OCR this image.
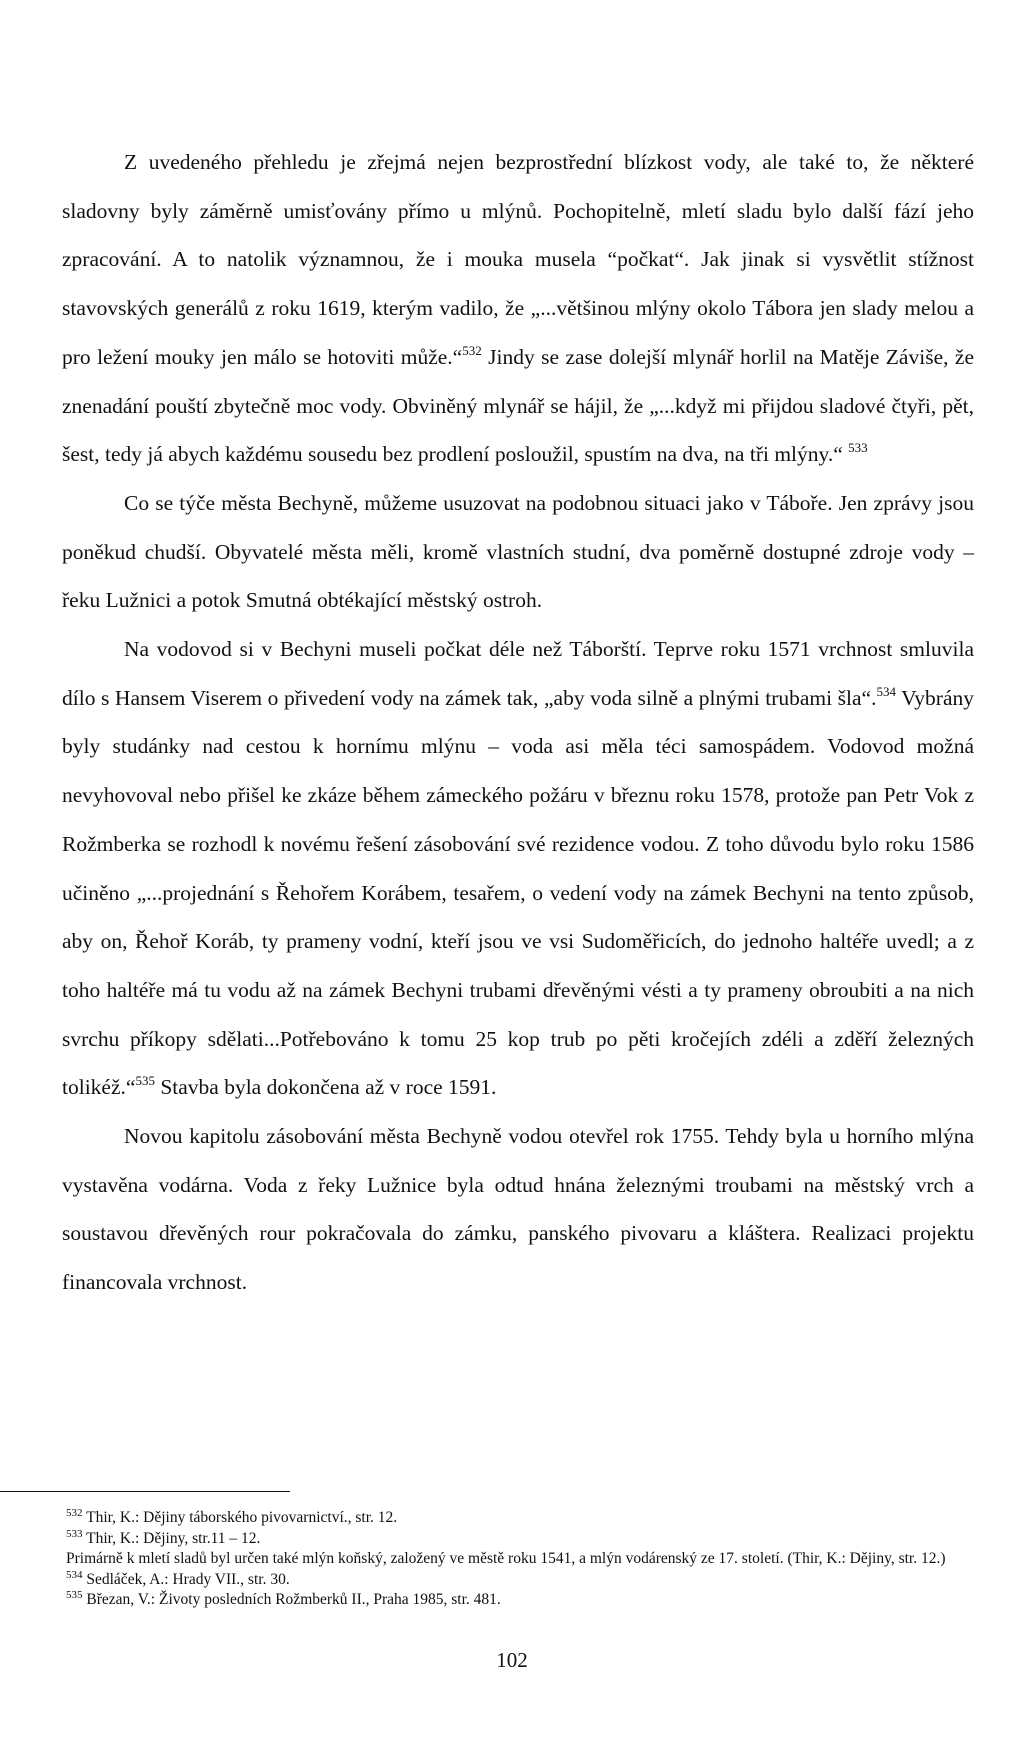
Z uvedeného přehledu je zřejmá nejen bezprostřední blízkost vody, ale také to, že některé sladovny byly záměrně umisťovány přímo u mlýnů. Pochopitelně, mletí sladu bylo další fází jeho zpracování. A to natolik významnou, že i mouka musela “počkat“. Jak jinak si vysvětlit stížnost stavovských generálů z roku 1619, kterým vadilo, že „...většinou mlýny okolo Tábora jen slady melou a pro ležení mouky jen málo se hotoviti může.“$^{532}$ Jindy se zase dolejší mlynář horlil na Matěje Záviše, že znenadání pouští zbytečně moc vody. Obviněný mlynář se hájil, že „...když mi přijdou sladové čtyři, pět, šest, tedy já abych každému sousedu bez prodlení posloužil, spustím na dva, na tři mlýny.“ $^{533}$

Co se týče města Bechyně, můžeme usuzovat na podobnou situaci jako v Táboře. Jen zprávy jsou poněkud chudší. Obyvatelé města měli, kromě vlastních studní, dva poměrně dostupné zdroje vody – řeku Lužnici a potok Smutná obtékající městský ostroh.

Na vodovod si v Bechyni museli počkat déle než Táborští. Teprve roku 1571 vrchnost smluvila dílo s Hansem Viserem o přivedení vody na zámek tak, „aby voda silně a plnými trubami šla“.$^{534}$ Vybrány byly studánky nad cestou k hornímu mlýnu – voda asi měla téci samospádem. Vodovod možná nevyhovoval nebo přišel ke zkáze během zámeckého požáru v březnu roku 1578, protože pan Petr Vok z Rožmberka se rozhodl k novému řešení zásobování své rezidence vodou. Z toho důvodu bylo roku 1586 učiněno „...projednání s Řehořem Korábem, tesařem, o vedení vody na zámek Bechyni na tento způsob, aby on, Řehoř Koráb, ty prameny vodní, kteří jsou ve vsi Sudoměřicích, do jednoho haltéře uvedl; a z toho haltéře má tu vodu až na zámek Bechyni trubami dřevěnými vésti a ty prameny obroubiti a na nich svrchu příkopy sdělati...Potřebováno k tomu 25 kop trub po pěti kročejích zdéli a zděří železných tolikéž.“$^{535}$ Stavba byla dokončena až v roce 1591.

Novou kapitolu zásobování města Bechyně vodou otevřel rok 1755. Tehdy byla u horního mlýna vystavěna vodárna. Voda z řeky Lužnice byla odtud hnána železnými troubami na městský vrch a soustavou dřevěných rour pokračovala do zámku, panského pivovaru a kláštera. Realizaci projektu financovala vrchnost.

$^{532}$ Thir, K.: Dějiny táborského pivovarnictví., str. 12.
$^{533}$ Thir, K.: Dějiny, str.11 – 12.
Primárně k mletí sladů byl určen také mlýn koňský, založený ve městě roku 1541, a mlýn vodárenský ze 17. století. (Thir, K.: Dějiny, str. 12.)
$^{534}$ Sedláček, A.: Hrady VII., str. 30.
$^{535}$ Březan, V.: Životy posledních Rožmberků II., Praha 1985, str. 481.
102
